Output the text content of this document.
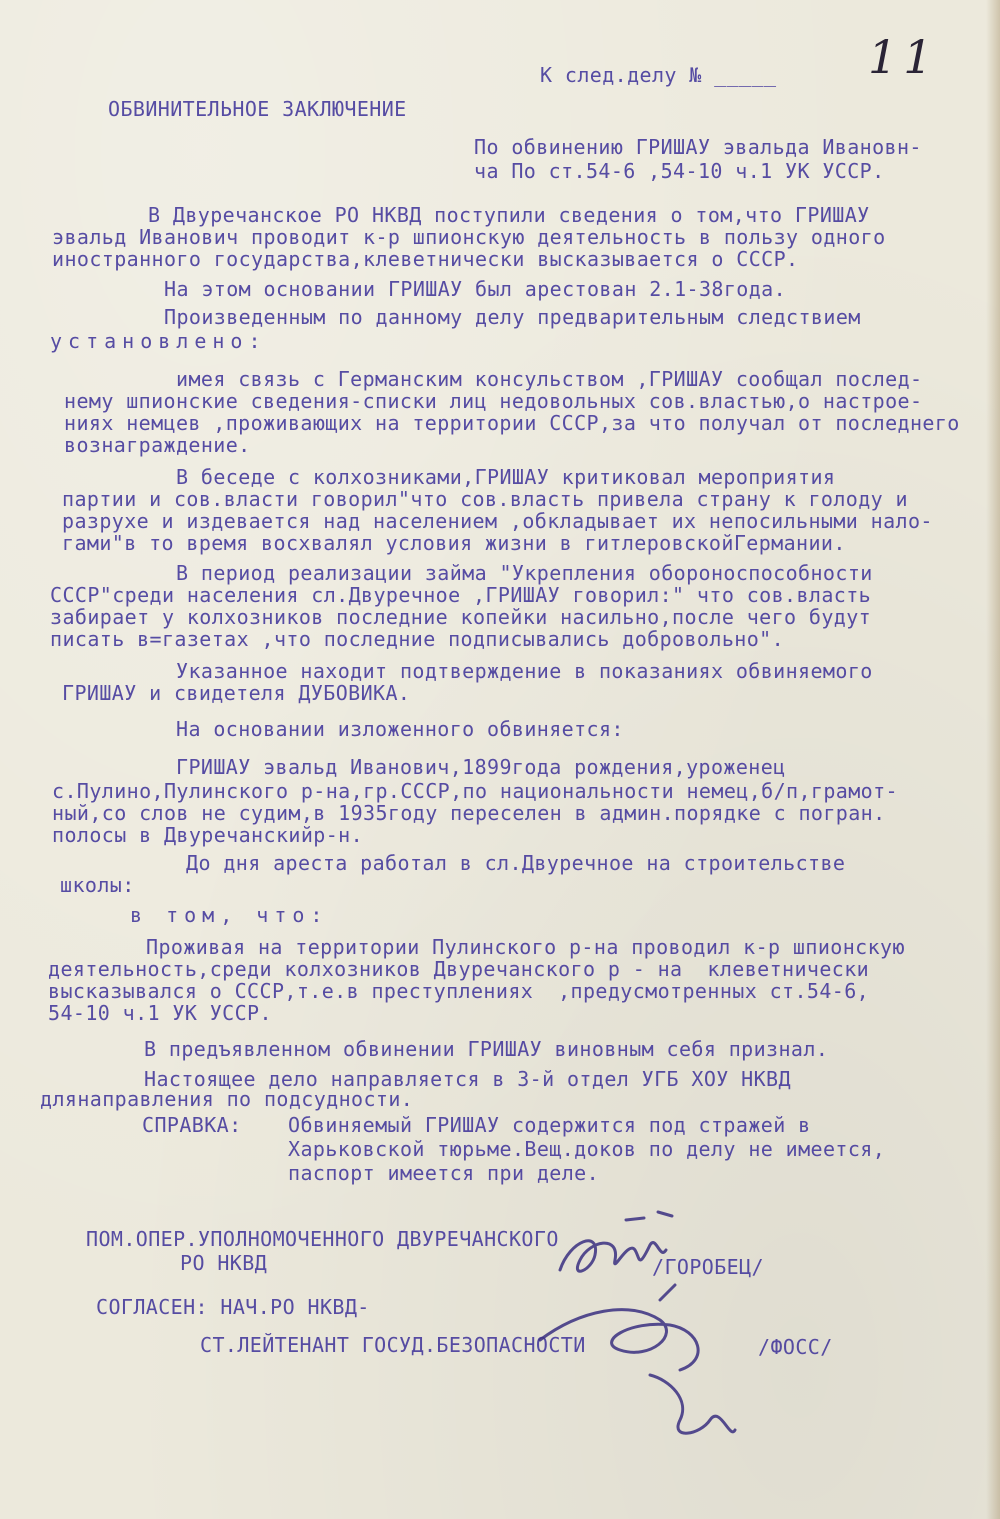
11
К след.делу № _____
ОБВИНИТЕЛЬНОЕ ЗАКЛЮЧЕНИЕ
По обвинению ГРИШАУ эвальда Ивановн-
ча По ст.54-6 ,54-10 ч.1 УК УССР.
В Двуречанское РО НКВД поступили сведения о том,что ГРИШАУ
эвальд Иванович проводит к-р шпионскую деятельность в пользу одного
иностранного государства,клеветнически высказывается о СССР.
На этом основании ГРИШАУ был арестован 2.1-38года.
Произведенным по данному делу предварительным следствием
установлено:
имея связь с Германским консульством ,ГРИШАУ сообщал послед-
нему шпионские сведения-списки лиц недовольных сов.властью,о настрое-
ниях немцев ,проживающих на территории СССР,за что получал от последнего
вознаграждение.
В беседе с колхозниками,ГРИШАУ критиковал мероприятия
партии и сов.власти говорил"что сов.власть привела страну к голоду и
разрухе и издевается над населением ,обкладывает их непосильными нало-
гами"в то время восхвалял условия жизни в гитлеровскойГермании.
В период реализации займа "Укрепления обороноспособности
СССР"среди населения сл.Двуречное ,ГРИШАУ говорил:" что сов.власть
забирает у колхозников последние копейки насильно,после чего будут
писать в=газетах ,что последние подписывались добровольно".
Указанное находит подтверждение в показаниях обвиняемого
ГРИШАУ и свидетеля ДУБОВИКА.
На основании изложенного обвиняется:
ГРИШАУ эвальд Иванович,1899года рождения,уроженец
с.Пулино,Пулинского р-на,гр.СССР,по национальности немец,б/п,грамот-
ный,со слов не судим,в 1935году переселен в админ.порядке с погран.
полосы в Двуречанскийр-н.
До дня ареста работал в сл.Двуречное на строительстве
школы:
в том, что:
Проживая на территории Пулинского р-на проводил к-р шпионскую
деятельность,среди колхозников Двуречанского р - на  клеветнически
высказывался о СССР,т.е.в преступлениях  ,предусмотренных ст.54-6,
54-10 ч.1 УК УССР.
В предъявленном обвинении ГРИШАУ виновным себя признал.
Настоящее дело направляется в 3-й отдел УГБ ХОУ НКВД
длянаправления по подсудности.
СПРАВКА: Обвиняемый ГРИШАУ содержится под стражей в
Харьковской тюрьме.Вещ.доков по делу не имеется,
паспорт имеется при деле.
ПОМ.ОПЕР.УПОЛНОМОЧЕННОГО ДВУРЕЧАНСКОГО
РО НКВД	/ГОРОБЕЦ/
СОГЛАСЕН: НАЧ.РО НКВД-
СТ.ЛЕЙТЕНАНТ ГОСУД.БЕЗОПАСНОСТИ	/ФОСС/
